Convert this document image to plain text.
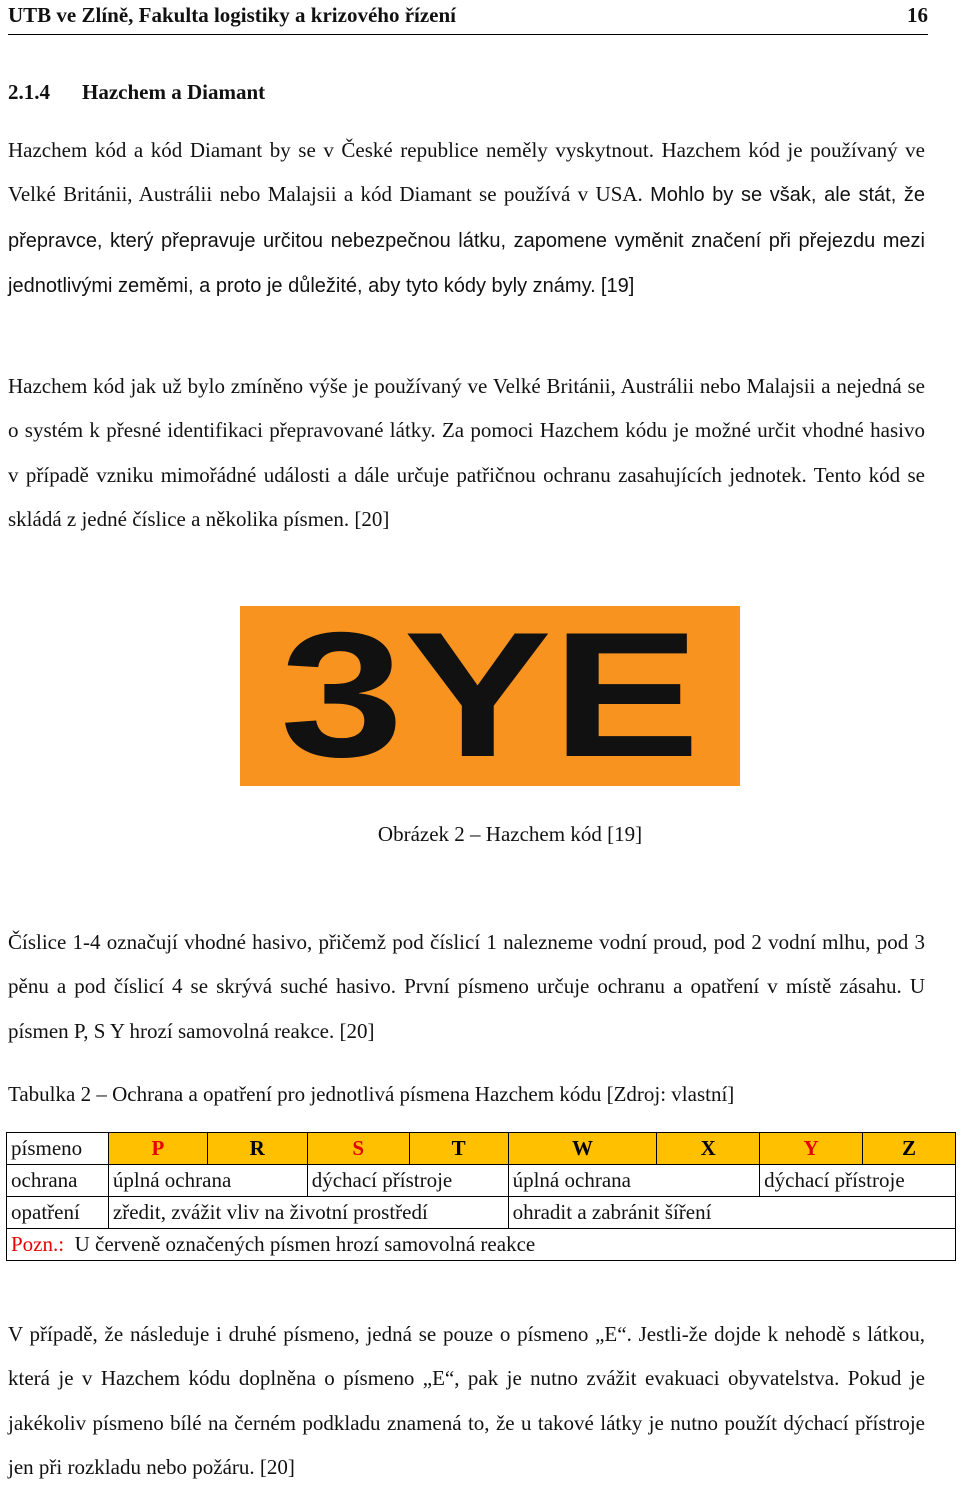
UTB ve Zlíně, Fakulta logistiky a krizového řízení	16
2.1.4 Hazchem a Diamant
Hazchem kód a kód Diamant by se v České republice neměly vyskytnout. Hazchem kód je používaný ve Velké Británii, Austrálii nebo Malajsii a kód Diamant se používá v USA. Mohlo by se však, ale stát, že přepravce, který přepravuje určitou nebezpečnou látku, zapomene vyměnit značení při přejezdu mezi jednotlivými zeměmi, a proto je důležité, aby tyto kódy byly známy. [19]
Hazchem kód jak už bylo zmíněno výše je používaný ve Velké Británii, Austrálii nebo Malajsii a nejedná se o systém k přesné identifikaci přepravované látky. Za pomoci Hazchem kódu je možné určit vhodné hasivo v případě vzniku mimořádné události a dále určuje patřičnou ochranu zasahujících jednotek. Tento kód se skládá z jedné číslice a několika písmen. [20]
3YE
Obrázek 2 – Hazchem kód [19]
Číslice 1-4 označují vhodné hasivo, přičemž pod číslicí 1 nalezneme vodní proud, pod 2 vodní mlhu, pod 3 pěnu a pod číslicí 4 se skrývá suché hasivo. První písmeno určuje ochranu a opatření v místě zásahu. U písmen P, S Y hrozí samovolná reakce. [20]
Tabulka 2 – Ochrana a opatření pro jednotlivá písmena Hazchem kódu [Zdroj: vlastní]
písmeno	P	R	S	T	W	X	Y	Z
ochrana	úplná ochrana		dýchací přístroje		úplná ochrana		dýchací přístroje	
opatření	zředit, zvážit vliv na životní prostředí				ohradit a zabránit šíření			
Pozn.: U červeně označených písmen hrozí samovolná reakce								
V případě, že následuje i druhé písmeno, jedná se pouze o písmeno „E“. Jestli-že dojde k nehodě s látkou, která je v Hazchem kódu doplněna o písmeno „E“, pak je nutno zvážit evakuaci obyvatelstva. Pokud je jakékoliv písmeno bílé na černém podkladu znamená to, že u takové látky je nutno použít dýchací přístroje jen při rozkladu nebo požáru. [20]
